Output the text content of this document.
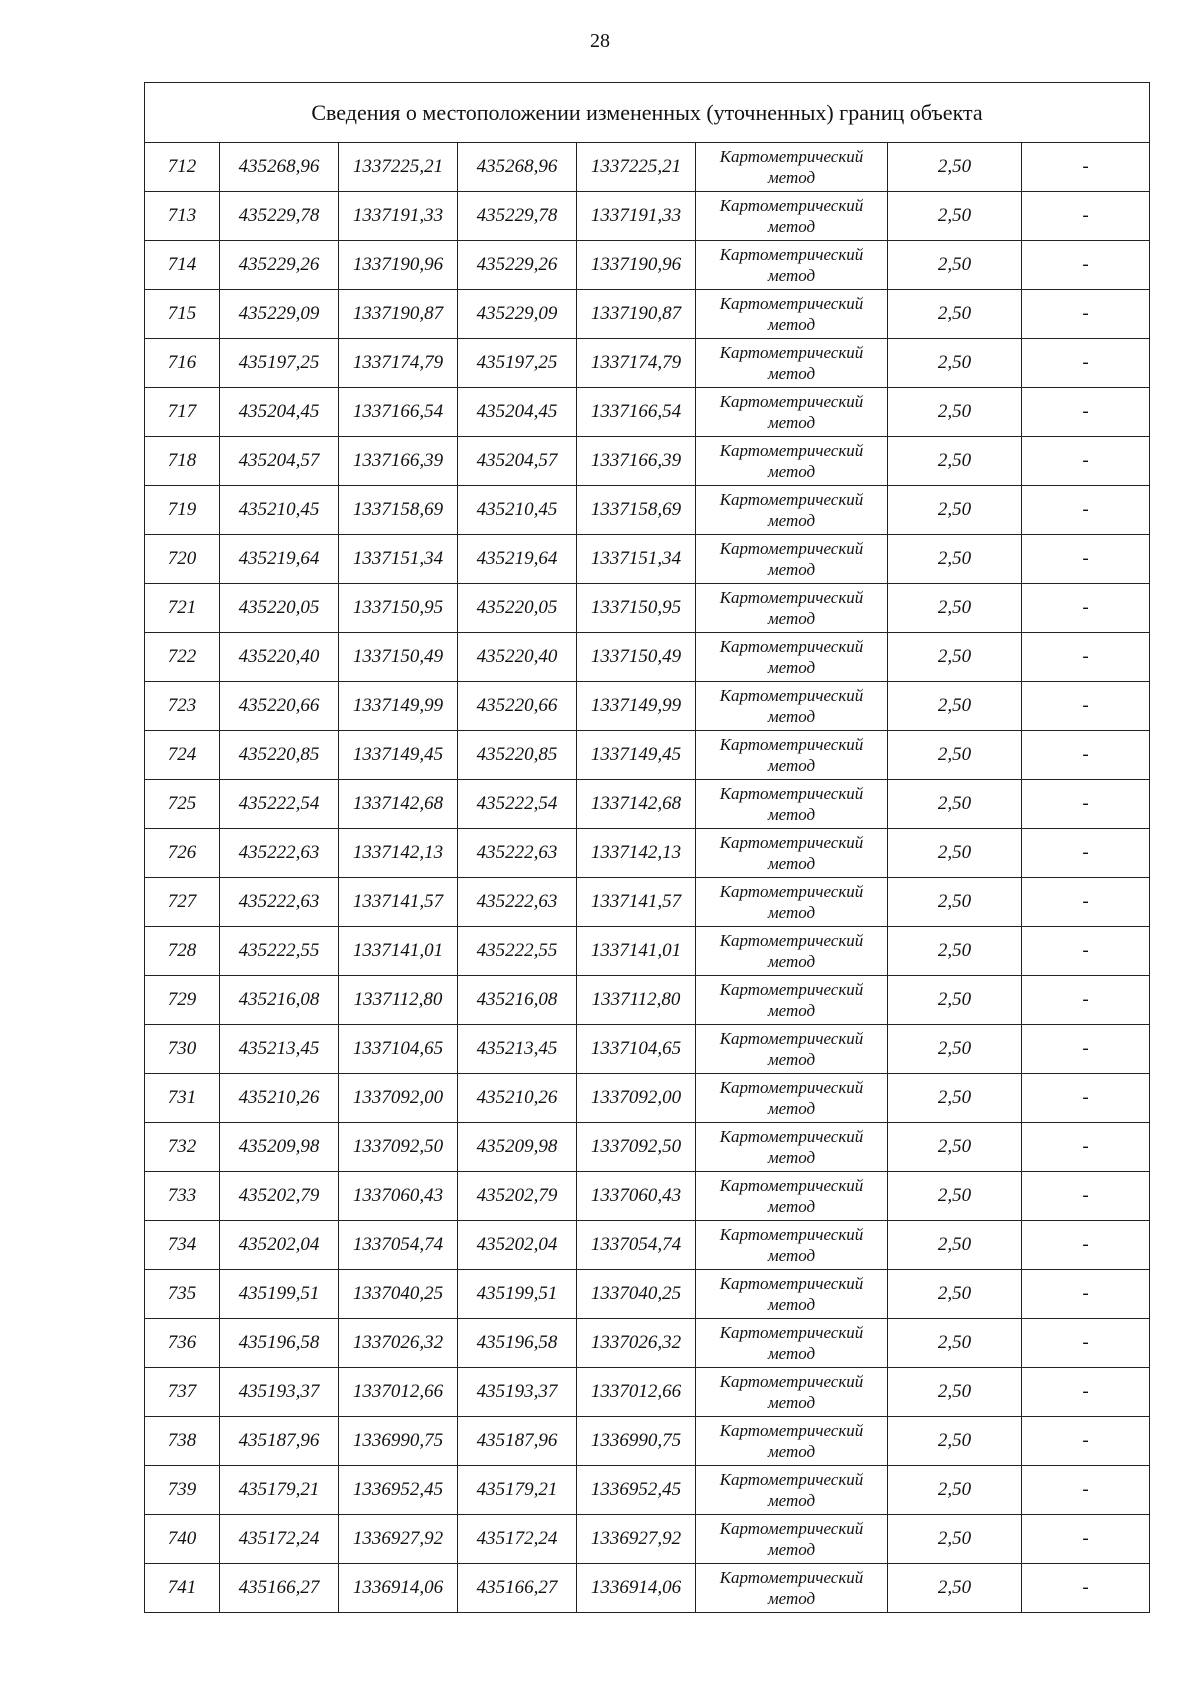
28
Сведения о местоположении измененных (уточненных) границ объекта							
712	435268,96	1337225,21	435268,96	1337225,21	Картометрический метод	2,50	-
713	435229,78	1337191,33	435229,78	1337191,33	Картометрический метод	2,50	-
714	435229,26	1337190,96	435229,26	1337190,96	Картометрический метод	2,50	-
715	435229,09	1337190,87	435229,09	1337190,87	Картометрический метод	2,50	-
716	435197,25	1337174,79	435197,25	1337174,79	Картометрический метод	2,50	-
717	435204,45	1337166,54	435204,45	1337166,54	Картометрический метод	2,50	-
718	435204,57	1337166,39	435204,57	1337166,39	Картометрический метод	2,50	-
719	435210,45	1337158,69	435210,45	1337158,69	Картометрический метод	2,50	-
720	435219,64	1337151,34	435219,64	1337151,34	Картометрический метод	2,50	-
721	435220,05	1337150,95	435220,05	1337150,95	Картометрический метод	2,50	-
722	435220,40	1337150,49	435220,40	1337150,49	Картометрический метод	2,50	-
723	435220,66	1337149,99	435220,66	1337149,99	Картометрический метод	2,50	-
724	435220,85	1337149,45	435220,85	1337149,45	Картометрический метод	2,50	-
725	435222,54	1337142,68	435222,54	1337142,68	Картометрический метод	2,50	-
726	435222,63	1337142,13	435222,63	1337142,13	Картометрический метод	2,50	-
727	435222,63	1337141,57	435222,63	1337141,57	Картометрический метод	2,50	-
728	435222,55	1337141,01	435222,55	1337141,01	Картометрический метод	2,50	-
729	435216,08	1337112,80	435216,08	1337112,80	Картометрический метод	2,50	-
730	435213,45	1337104,65	435213,45	1337104,65	Картометрический метод	2,50	-
731	435210,26	1337092,00	435210,26	1337092,00	Картометрический метод	2,50	-
732	435209,98	1337092,50	435209,98	1337092,50	Картометрический метод	2,50	-
733	435202,79	1337060,43	435202,79	1337060,43	Картометрический метод	2,50	-
734	435202,04	1337054,74	435202,04	1337054,74	Картометрический метод	2,50	-
735	435199,51	1337040,25	435199,51	1337040,25	Картометрический метод	2,50	-
736	435196,58	1337026,32	435196,58	1337026,32	Картометрический метод	2,50	-
737	435193,37	1337012,66	435193,37	1337012,66	Картометрический метод	2,50	-
738	435187,96	1336990,75	435187,96	1336990,75	Картометрический метод	2,50	-
739	435179,21	1336952,45	435179,21	1336952,45	Картометрический метод	2,50	-
740	435172,24	1336927,92	435172,24	1336927,92	Картометрический метод	2,50	-
741	435166,27	1336914,06	435166,27	1336914,06	Картометрический метод	2,50	-
